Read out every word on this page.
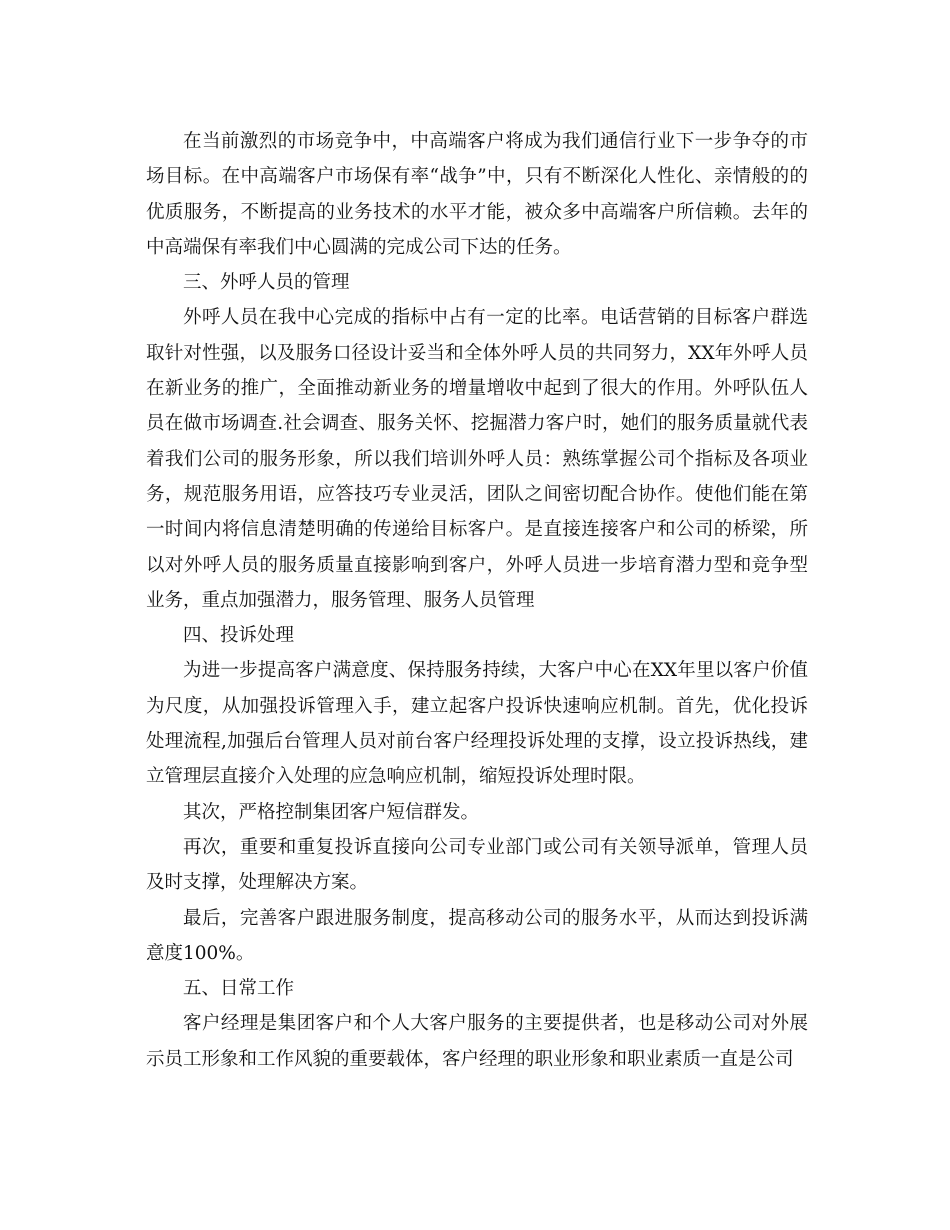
在当前激烈的市场竞争中，中高端客户将成为我们通信行业下一步争夺的市场目标。在中高端客户市场保有率“战争”中，只有不断深化人性化、亲情般的的优质服务，不断提高的业务技术的水平才能，被众多中高端客户所信赖。去年的中高端保有率我们中心圆满的完成公司下达的任务。

三、外呼人员的管理

外呼人员在我中心完成的指标中占有一定的比率。电话营销的目标客户群选取针对性强，以及服务口径设计妥当和全体外呼人员的共同努力，XX年外呼人员在新业务的推广，全面推动新业务的增量增收中起到了很大的作用。外呼队伍人员在做市场调查.社会调查、服务关怀、挖掘潜力客户时，她们的服务质量就代表着我们公司的服务形象，所以我们培训外呼人员：熟练掌握公司个指标及各项业务，规范服务用语，应答技巧专业灵活，团队之间密切配合协作。使他们能在第一时间内将信息清楚明确的传递给目标客户。是直接连接客户和公司的桥梁，所以对外呼人员的服务质量直接影响到客户，外呼人员进一步培育潜力型和竞争型业务，重点加强潜力，服务管理、服务人员管理

四、投诉处理

为进一步提高客户满意度、保持服务持续，大客户中心在XX年里以客户价值为尺度，从加强投诉管理入手，建立起客户投诉快速响应机制。首先，优化投诉处理流程,加强后台管理人员对前台客户经理投诉处理的支撑，设立投诉热线，建立管理层直接介入处理的应急响应机制，缩短投诉处理时限。

其次，严格控制集团客户短信群发。

再次，重要和重复投诉直接向公司专业部门或公司有关领导派单，管理人员及时支撑，处理解决方案。

最后，完善客户跟进服务制度，提高移动公司的服务水平，从而达到投诉满意度100%。

五、日常工作

客户经理是集团客户和个人大客户服务的主要提供者，也是移动公司对外展示员工形象和工作风貌的重要载体，客户经理的职业形象和职业素质一直是公司
